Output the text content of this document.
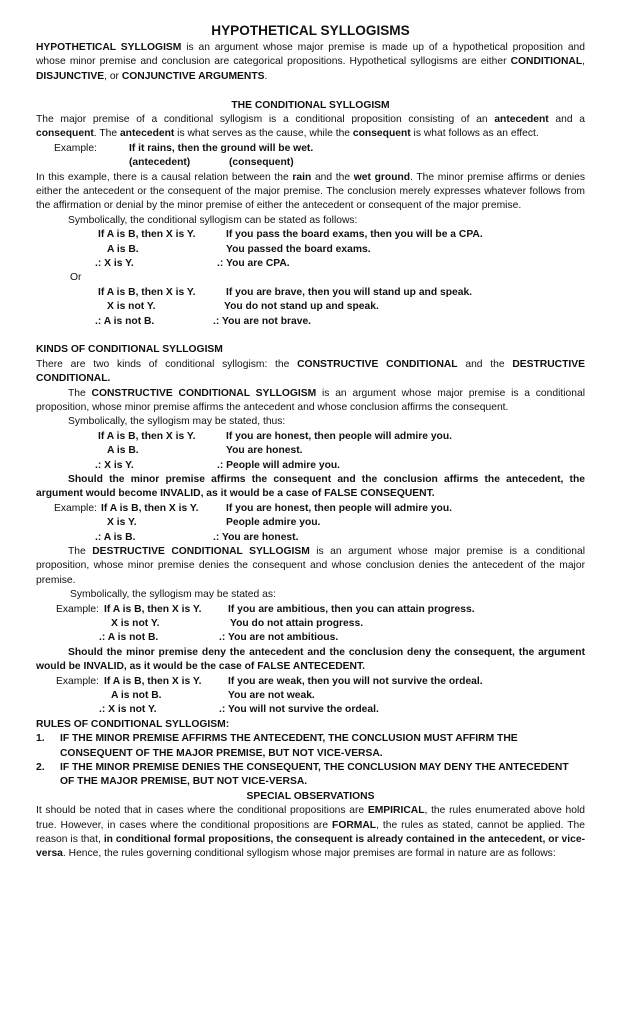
HYPOTHETICAL SYLLOGISMS

HYPOTHETICAL SYLLOGISM is an argument whose major premise is made up of a hypothetical proposition and whose minor premise and conclusion are categorical propositions. Hypothetical syllogisms are either CONDITIONAL, DISJUNCTIVE, or CONJUNCTIVE ARGUMENTS.

THE CONDITIONAL SYLLOGISM

The major premise of a conditional syllogism is a conditional proposition consisting of an antecedent and a consequent. The antecedent is what serves as the cause, while the consequent is what follows as an effect.

Example:	If it rains, then the ground will be wet.
(antecedent)	(consequent)

In this example, there is a causal relation between the rain and the wet ground. The minor premise affirms or denies either the antecedent or the consequent of the major premise. The conclusion merely expresses whatever follows from the affirmation or denial by the minor premise of either the antecedent or consequent of the major premise.

Symbolically, the conditional syllogism can be stated as follows:

If A is B, then X is Y.	If you pass the board exams, then you will be a CPA.
A is B.	You passed the board exams.
.: X is Y.	.: You are CPA.
Or
If A is B, then X is Y.	If you are brave, then you will stand up and speak.
X is not Y.	You do not stand up and speak.
.: A is not B.	.: You are not brave.
KINDS OF CONDITIONAL SYLLOGISM

There are two kinds of conditional syllogism: the CONSTRUCTIVE CONDITIONAL and the DESTRUCTIVE CONDITIONAL.

The CONSTRUCTIVE CONDITIONAL SYLLOGISM is an argument whose major premise is a conditional proposition, whose minor premise affirms the antecedent and whose conclusion affirms the consequent.

Symbolically, the syllogism may be stated, thus:

If A is B, then X is Y.	If you are honest, then people will admire you.
A is B.	You are honest.
.: X is Y.	.: People will admire you.

Should the minor premise affirms the consequent and the conclusion affirms the antecedent, the argument would become INVALID, as it would be a case of FALSE CONSEQUENT.

Example: If A is B, then X is Y.	If you are honest, then people will admire you.
X is Y.	People admire you.
.: A is B.	.: You are honest.

The DESTRUCTIVE CONDITIONAL SYLLOGISM is an argument whose major premise is a conditional proposition, whose minor premise denies the consequent and whose conclusion denies the antecedent of the major premise.

Symbolically, the syllogism may be stated as:

Example: If A is B, then X is Y.	If you are ambitious, then you can attain progress.
X is not Y.	You do not attain progress.
.: A is not B.	.: You are not ambitious.

Should the minor premise deny the antecedent and the conclusion deny the consequent, the argument would be INVALID, as it would be the case of FALSE ANTECEDENT.

Example: If A is B, then X is Y.	If you are weak, then you will not survive the ordeal.
A is not B.	You are not weak.
.: X is not Y.	.: You will not survive the ordeal.
RULES OF CONDITIONAL SYLLOGISM:
1. IF THE MINOR PREMISE AFFIRMS THE ANTECEDENT, THE CONCLUSION MUST AFFIRM THE CONSEQUENT OF THE MAJOR PREMISE, BUT NOT VICE-VERSA.
2. IF THE MINOR PREMISE DENIES THE CONSEQUENT, THE CONCLUSION MAY DENY THE ANTECEDENT OF THE MAJOR PREMISE, BUT NOT VICE-VERSA.
SPECIAL OBSERVATIONS

It should be noted that in cases where the conditional propositions are EMPIRICAL, the rules enumerated above hold true. However, in cases where the conditional propositions are FORMAL, the rules as stated, cannot be applied. The reason is that, in conditional formal propositions, the consequent is already contained in the antecedent, or vice-versa. Hence, the rules governing conditional syllogism whose major premises are formal in nature are as follows:
